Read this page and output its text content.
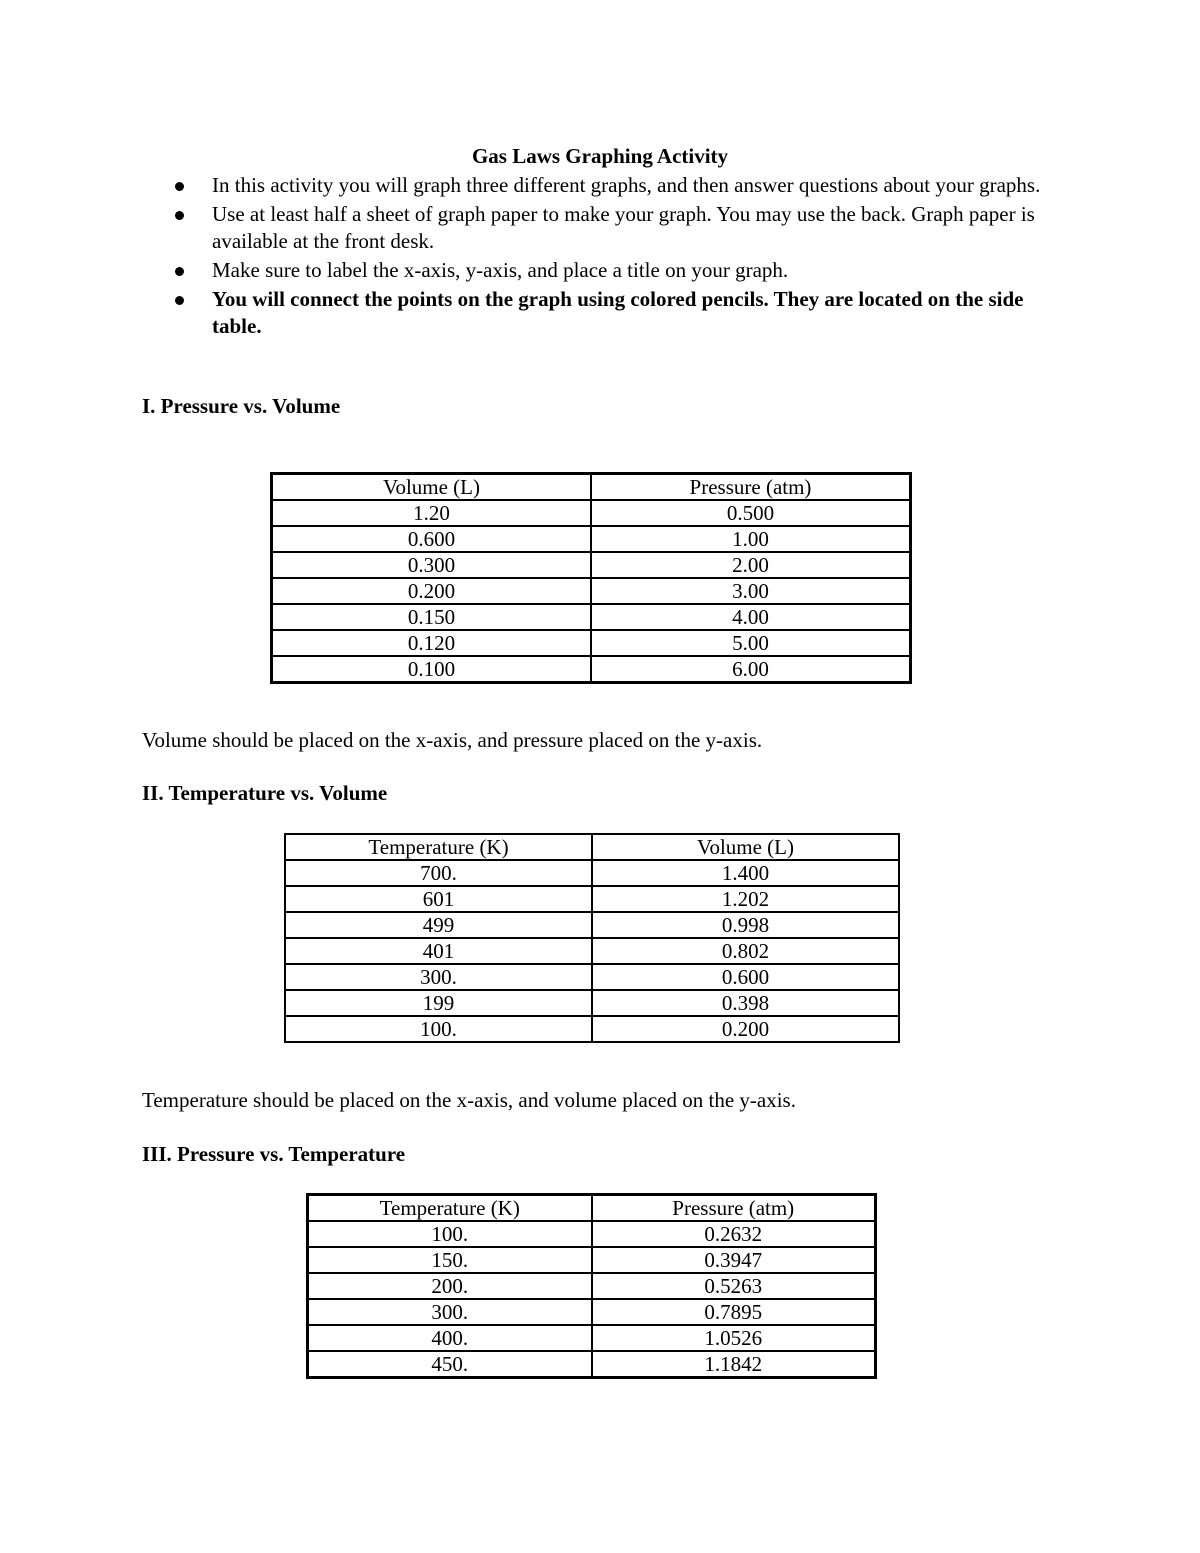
Gas Laws Graphing Activity
In this activity you will graph three different graphs, and then answer questions about your graphs.
Use at least half a sheet of graph paper to make your graph. You may use the back. Graph paper is available at the front desk.
Make sure to label the x-axis, y-axis, and place a title on your graph.
You will connect the points on the graph using colored pencils. They are located on the side table.
I. Pressure vs. Volume
Volume (L)	Pressure (atm)
1.20	0.500
0.600	1.00
0.300	2.00
0.200	3.00
0.150	4.00
0.120	5.00
0.100	6.00
Volume should be placed on the x-axis, and pressure placed on the y-axis.
II. Temperature vs. Volume
Temperature (K)	Volume (L)
700.	1.400
601	1.202
499	0.998
401	0.802
300.	0.600
199	0.398
100.	0.200
Temperature should be placed on the x-axis, and volume placed on the y-axis.
III. Pressure vs. Temperature
Temperature (K)	Pressure (atm)
100.	0.2632
150.	0.3947
200.	0.5263
300.	0.7895
400.	1.0526
450.	1.1842
